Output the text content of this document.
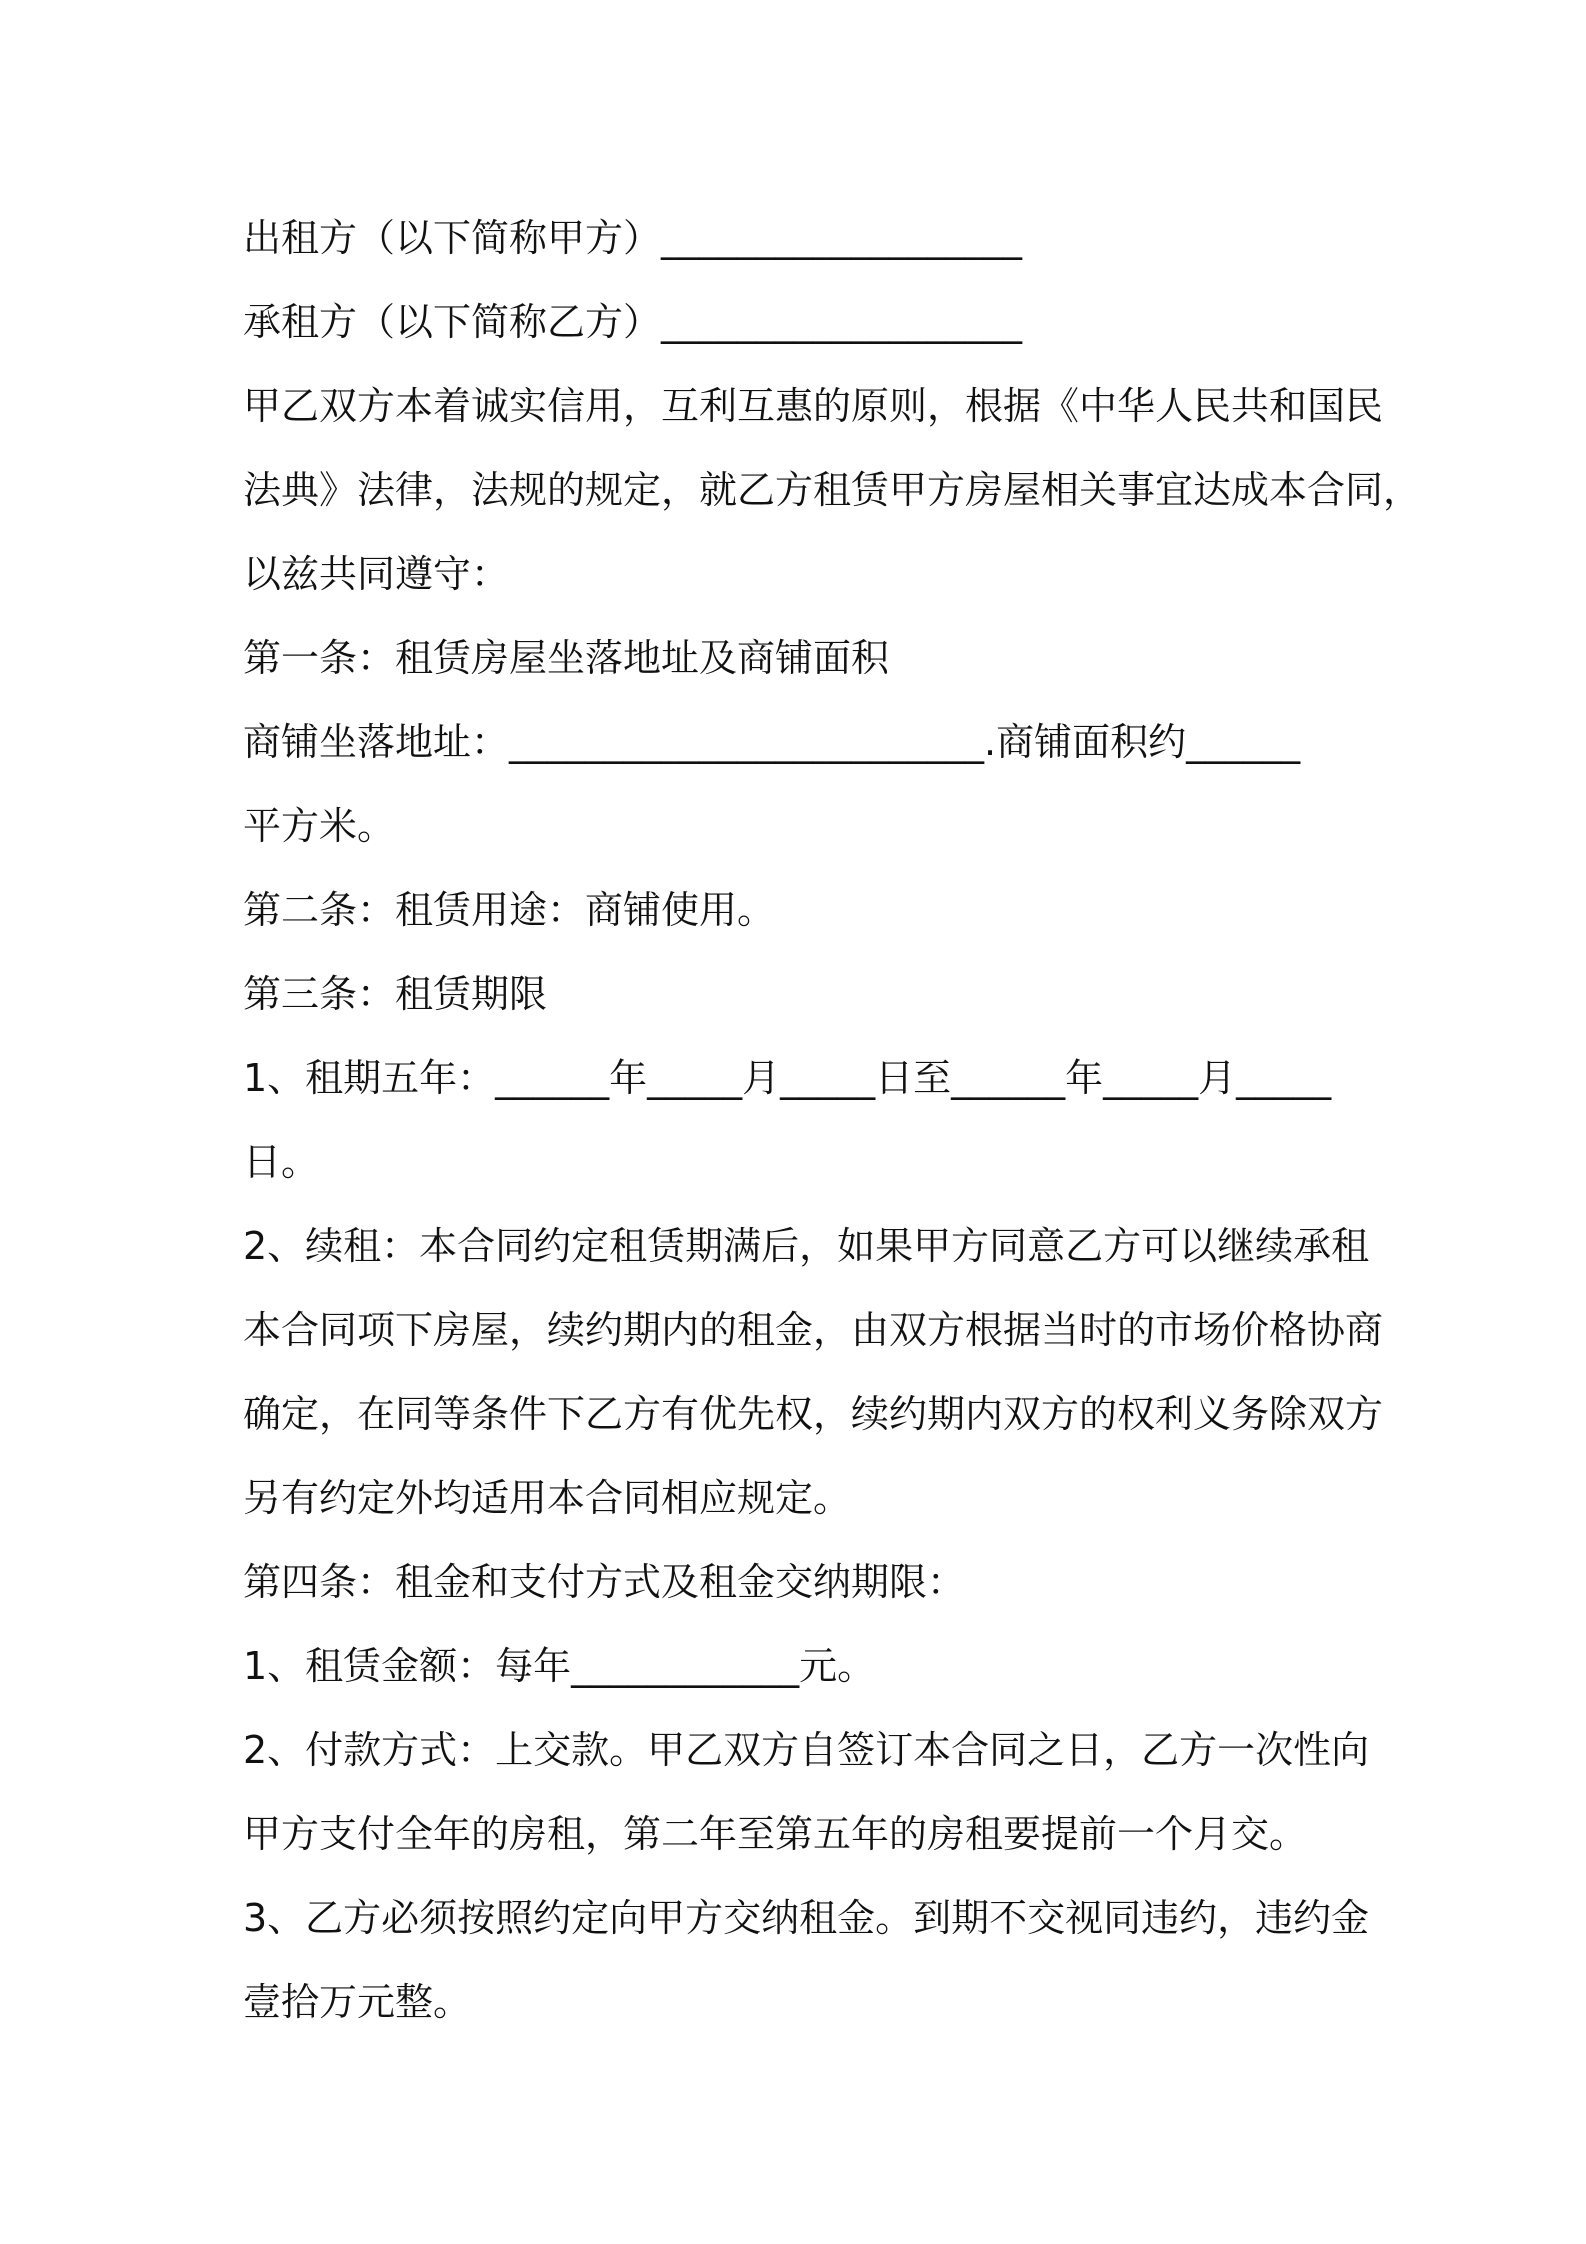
出租方（以下简称甲方）___________________
承租方（以下简称乙方）___________________
甲乙双方本着诚实信用，互利互惠的原则，根据《中华人民共和国民
法典》法律，法规的规定，就乙方租赁甲方房屋相关事宜达成本合同，
以兹共同遵守：
第一条：租赁房屋坐落地址及商铺面积
商铺坐落地址：_________________________.商铺面积约______
平方米。
第二条：租赁用途：商铺使用。
第三条：租赁期限
1、租期五年：______年_____月_____日至______年_____月_____
日。
2、续租：本合同约定租赁期满后，如果甲方同意乙方可以继续承租
本合同项下房屋，续约期内的租金，由双方根据当时的市场价格协商
确定，在同等条件下乙方有优先权，续约期内双方的权利义务除双方
另有约定外均适用本合同相应规定。
第四条：租金和支付方式及租金交纳期限：
1、租赁金额：每年____________元。
2、付款方式：上交款。甲乙双方自签订本合同之日，乙方一次性向
甲方支付全年的房租，第二年至第五年的房租要提前一个月交。
3、乙方必须按照约定向甲方交纳租金。到期不交视同违约，违约金
壹拾万元整。
